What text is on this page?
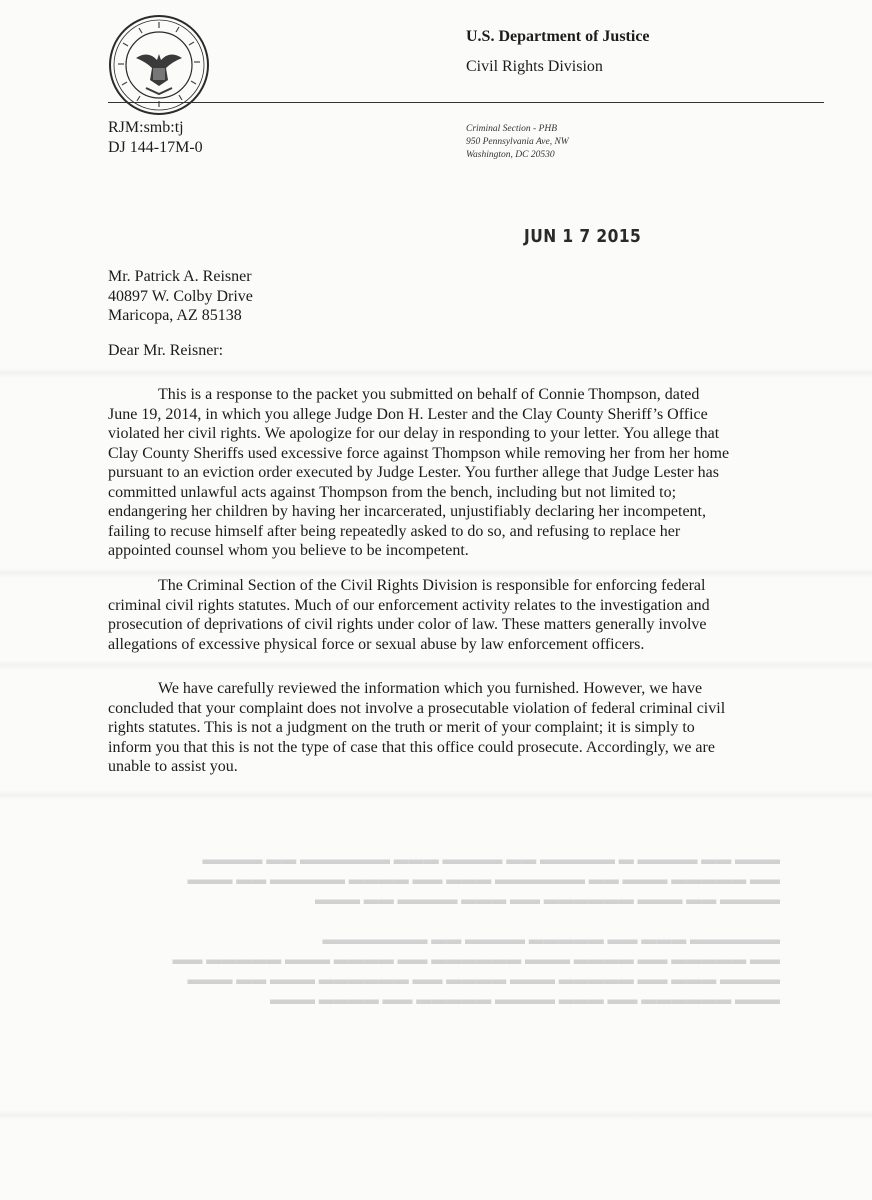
U.S. Department of Justice
Civil Rights Division
RJM:smb:tj
DJ 144-17M-0
Criminal Section - PHB
950 Pennsylvania Ave, NW
Washington, DC 20530
JUN 1 7 2015
Mr. Patrick A. Reisner
40897 W. Colby Drive
Maricopa, AZ 85138
Dear Mr. Reisner:
This is a response to the packet you submitted on behalf of Connie Thompson, dated
June 19, 2014, in which you allege Judge Don H. Lester and the Clay County Sheriff’s Office
violated her civil rights. We apologize for our delay in responding to your letter. You allege that
Clay County Sheriffs used excessive force against Thompson while removing her from her home
pursuant to an eviction order executed by Judge Lester. You further allege that Judge Lester has
committed unlawful acts against Thompson from the bench, including but not limited to;
endangering her children by having her incarcerated, unjustifiably declaring her incompetent,
failing to recuse himself after being repeatedly asked to do so, and refusing to replace her
appointed counsel whom you believe to be incompetent.
The Criminal Section of the Civil Rights Division is responsible for enforcing federal
criminal civil rights statutes. Much of our enforcement activity relates to the investigation and
prosecution of deprivations of civil rights under color of law. These matters generally involve
allegations of excessive physical force or sexual abuse by law enforcement officers.
We have carefully reviewed the information which you furnished. However, we have
concluded that your complaint does not involve a prosecutable violation of federal criminal civil
rights statutes. This is not a judgment on the truth or merit of your complaint; it is simply to
inform you that this is not the type of case that this office could prosecute. Accordingly, we are
unable to assist you.
▬▬▬ ▬▬ ▬▬▬▬ ▬ ▬▬▬▬▬ ▬▬ ▬▬▬▬ ▬▬▬ ▬▬▬▬▬▬ ▬▬ ▬▬▬▬
▬▬ ▬▬▬▬▬ ▬▬▬ ▬▬ ▬▬▬▬▬▬ ▬▬▬ ▬▬ ▬▬▬▬ ▬▬▬▬▬ ▬▬ ▬▬▬
▬▬▬▬ ▬▬ ▬▬▬ ▬▬▬▬▬▬ ▬▬ ▬▬▬ ▬▬▬▬ ▬▬ ▬▬▬
▬▬▬▬▬▬ ▬▬▬ ▬▬ ▬▬▬▬▬ ▬▬▬▬ ▬▬ ▬▬▬▬▬▬▬
▬▬ ▬▬▬▬▬ ▬▬ ▬▬▬▬ ▬▬▬ ▬▬▬▬▬▬ ▬▬ ▬▬▬▬ ▬▬▬ ▬▬▬▬▬ ▬▬
▬▬▬▬ ▬▬▬ ▬▬ ▬▬▬▬▬ ▬▬▬ ▬▬▬▬ ▬▬ ▬▬▬▬▬▬ ▬▬▬ ▬▬ ▬▬▬
▬▬▬ ▬▬▬▬▬▬ ▬▬ ▬▬▬ ▬▬▬▬ ▬▬▬▬▬ ▬▬ ▬▬▬▬ ▬▬▬
